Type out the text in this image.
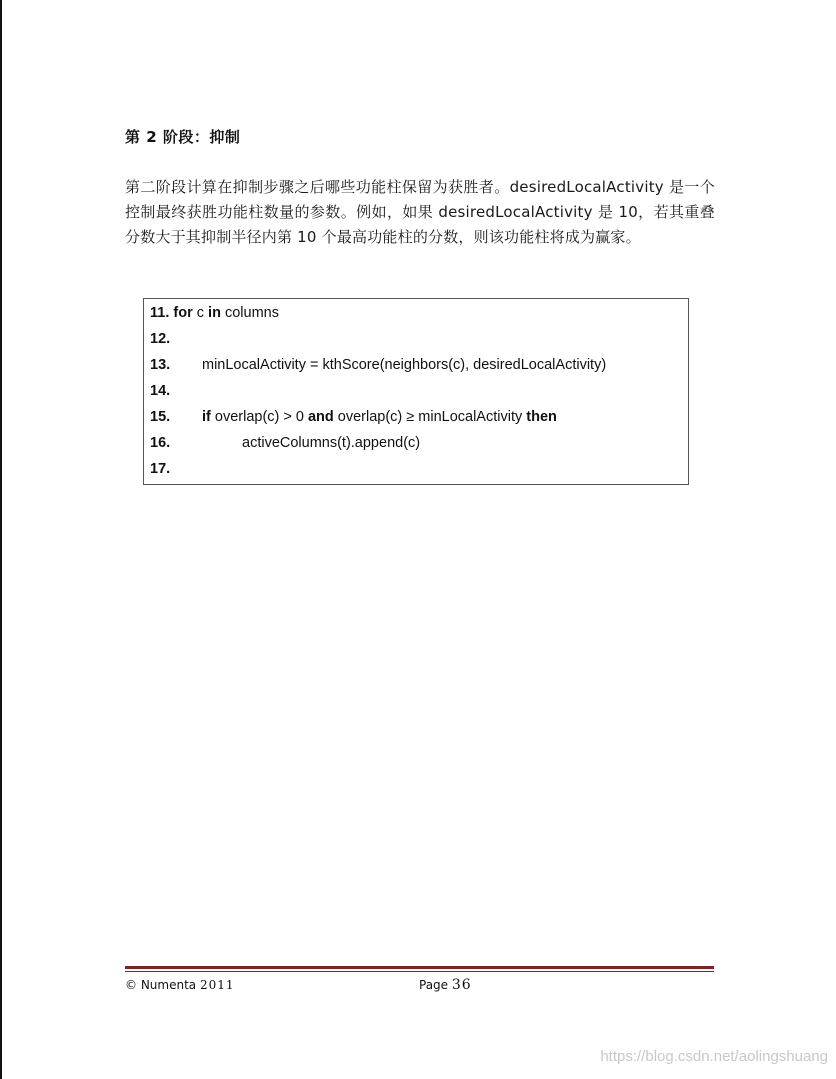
第 2 阶段：抑制
第二阶段计算在抑制步骤之后哪些功能柱保留为获胜者。desiredLocalActivity 是一个控制最终获胜功能柱数量的参数。例如，如果 desiredLocalActivity 是 10，若其重叠分数大于其抑制半径内第 10 个最高功能柱的分数，则该功能柱将成为赢家。
11. for c in columns
12.
13. minLocalActivity = kthScore(neighbors(c), desiredLocalActivity)
14.
15. if overlap(c) > 0 and overlap(c) ≥ minLocalActivity then
16.	activeColumns(t).append(c)
17.
© Numenta 2011	Page 36
https://blog.csdn.net/aolingshuang
